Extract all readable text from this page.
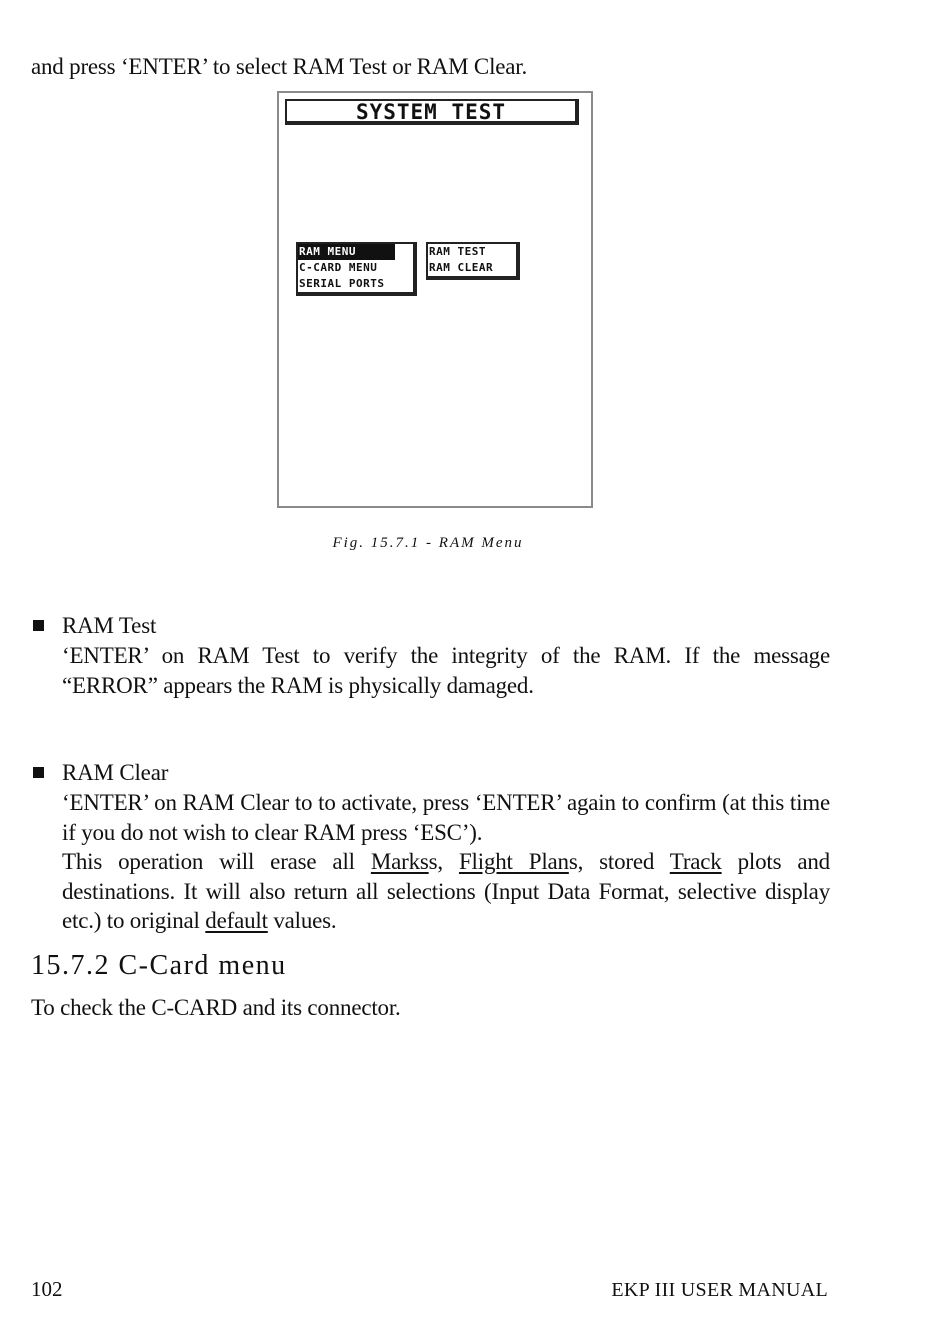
and press ‘ENTER’ to select RAM Test or RAM Clear.
SYSTEM TEST
RAM MENU
C-CARD MENU
SERIAL PORTS
RAM TEST
RAM CLEAR
Fig. 15.7.1 - RAM Menu
RAM Test
‘ENTER’ on RAM Test to verify the integrity of the RAM. If the message “ERROR” appears the RAM is physically damaged.
RAM Clear
‘ENTER’ on RAM Clear to to activate, press ‘ENTER’ again to confirm (at this time if you do not wish to clear RAM press ‘ESC’).
This operation will erase all Markss, Flight Plans, stored Track plots and destinations. It will also return all selections (Input Data Format, selective display etc.) to original default values.
15.7.2 C-Card menu
To check the C-CARD and its connector.
102	EKP III USER MANUAL
